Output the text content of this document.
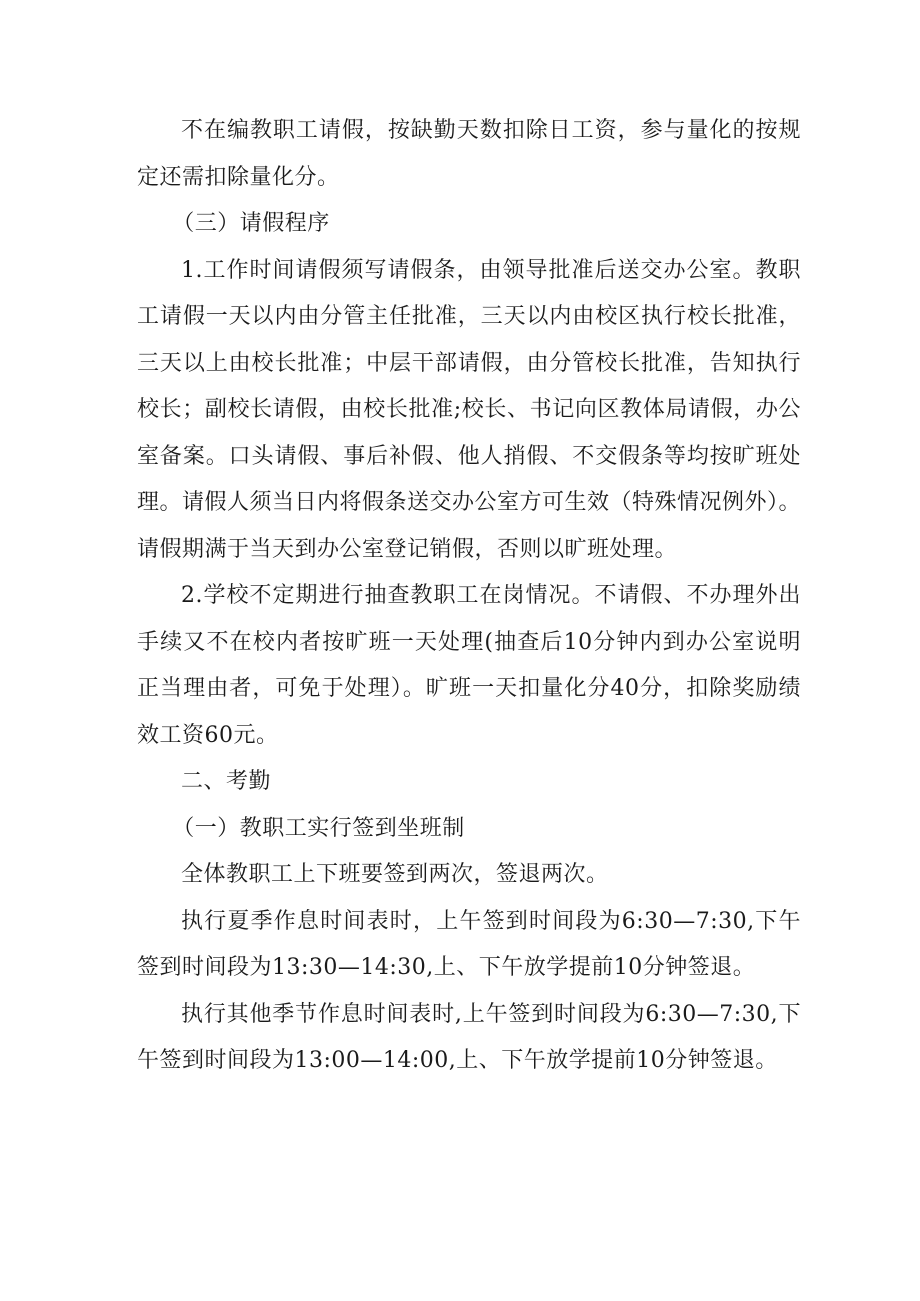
不在编教职工请假，按缺勤天数扣除日工资，参与量化的按规定还需扣除量化分。

（三）请假程序

1.工作时间请假须写请假条，由领导批准后送交办公室。教职工请假一天以内由分管主任批准，三天以内由校区执行校长批准，三天以上由校长批准；中层干部请假，由分管校长批准，告知执行校长；副校长请假，由校长批准;校长、书记向区教体局请假，办公室备案。口头请假、事后补假、他人捎假、不交假条等均按旷班处理。请假人须当日内将假条送交办公室方可生效（特殊情况例外）。请假期满于当天到办公室登记销假，否则以旷班处理。

2.学校不定期进行抽查教职工在岗情况。不请假、不办理外出手续又不在校内者按旷班一天处理(抽查后10分钟内到办公室说明正当理由者，可免于处理）。旷班一天扣量化分40分，扣除奖励绩效工资60元。

二、考勤

（一）教职工实行签到坐班制

全体教职工上下班要签到两次，签退两次。

执行夏季作息时间表时，上午签到时间段为6:30—7:30,下午签到时间段为13:30—14:30,上、下午放学提前10分钟签退。

执行其他季节作息时间表时,上午签到时间段为6:30—7:30,下午签到时间段为13:00—14:00,上、下午放学提前10分钟签退。
